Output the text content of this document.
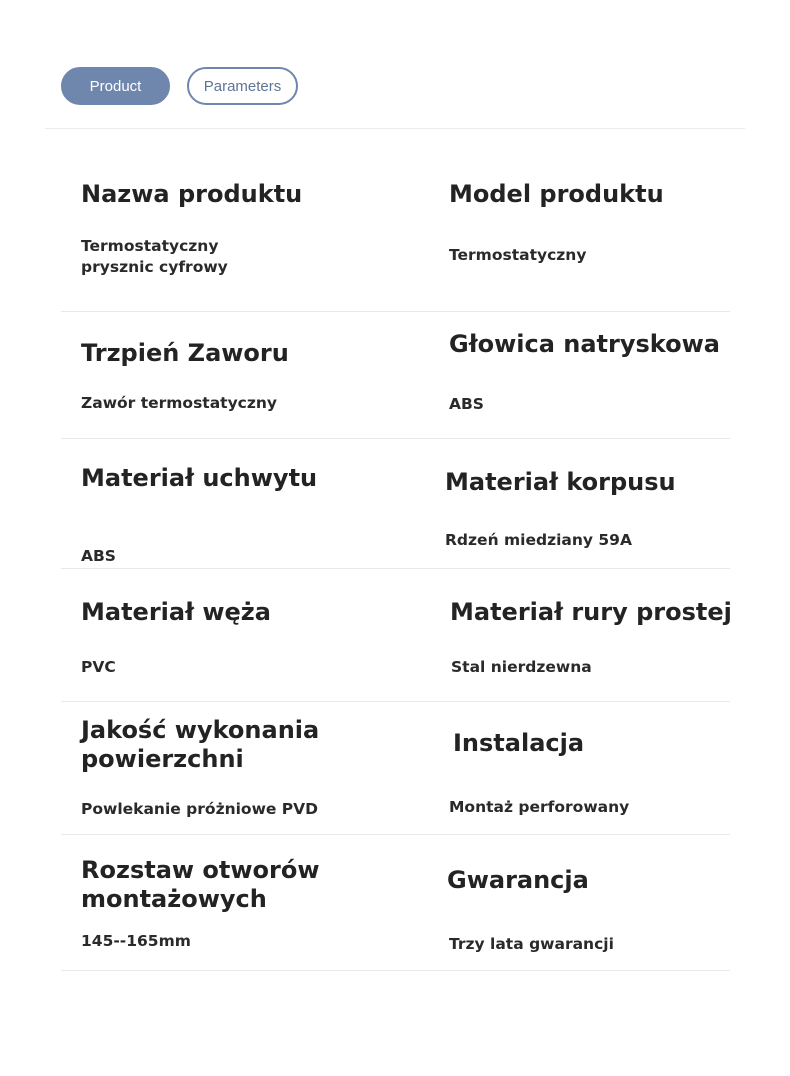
Product	Parameters
Nazwa produktu

Termostatyczny
prysznic cyfrowy

Model produktu

Termostatyczny

Trzpień Zaworu

Zawór termostatyczny

Głowica natryskowa

ABS

Materiał uchwytu

ABS

Materiał korpusu

Rdzeń miedziany 59A

Materiał węża

PVC

Materiał rury prostej

Stal nierdzewna

Jakość wykonania
powierzchni

Powlekanie próżniowe PVD

Instalacja

Montaż perforowany

Rozstaw otworów
montażowych

145--165mm

Gwarancja

Trzy lata gwarancji
